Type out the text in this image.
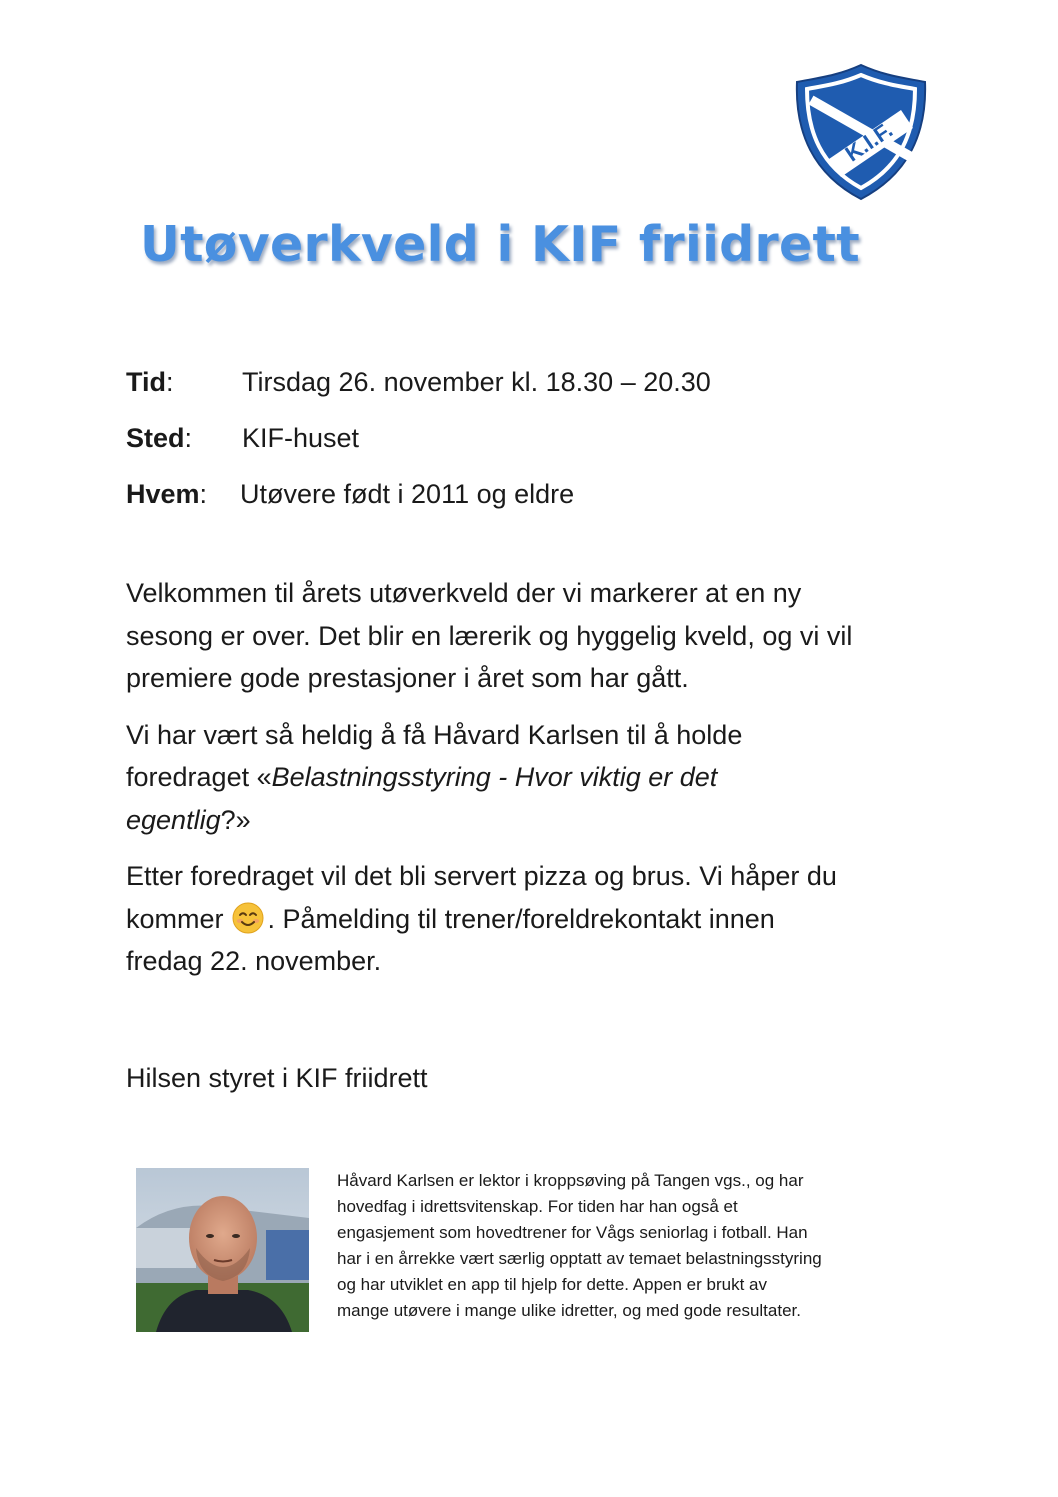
K.I.F.
Utøverkveld i KIF friidrett
Tid:	Tirsdag 26. november kl. 18.30 – 20.30
Sted: KIF-huset
Hvem: Utøvere født i 2011 og eldre

Velkommen til årets utøverkveld der vi markerer at en ny
sesong er over. Det blir en lærerik og hyggelig kveld, og vi vil
premiere gode prestasjoner i året som har gått.

Vi har vært så heldig å få Håvard Karlsen til å holde
foredraget «Belastningsstyring - Hvor viktig er det
egentlig?»

Etter foredraget vil det bli servert pizza og brus. Vi håper du
kommer . Påmelding til trener/foreldrekontakt innen
fredag 22. november.

Hilsen styret i KIF friidrett
Håvard Karlsen er lektor i kroppsøving på Tangen vgs., og har
hovedfag i idrettsvitenskap. For tiden har han også et
engasjement som hovedtrener for Vågs seniorlag i fotball. Han
har i en årrekke vært særlig opptatt av temaet belastningsstyring
og har utviklet en app til hjelp for dette. Appen er brukt av
mange utøvere i mange ulike idretter, og med gode resultater.
